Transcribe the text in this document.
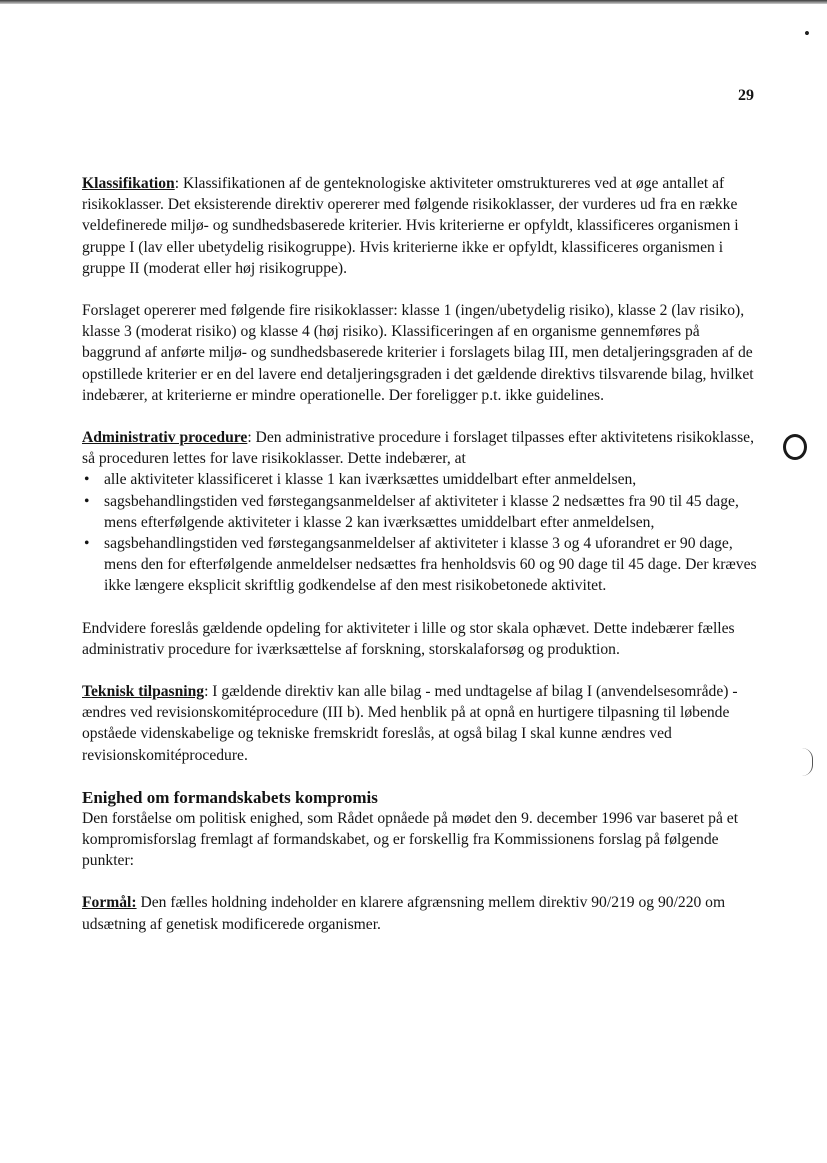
29
•

Klassifikation: Klassifikationen af de genteknologiske aktiviteter omstruktureres ved at øge antallet af risikoklasser. Det eksisterende direktiv opererer med følgende risikoklasser, der vurderes ud fra en række veldefinerede miljø- og sundhedsbaserede kriterier. Hvis kriterierne er opfyldt, klassificeres organismen i gruppe I (lav eller ubetydelig risikogruppe). Hvis kriterierne ikke er opfyldt, klassificeres organismen i gruppe II (moderat eller høj risikogruppe).

Forslaget opererer med følgende fire risikoklasser: klasse 1 (ingen/ubetydelig risiko), klasse 2 (lav risiko), klasse 3 (moderat risiko) og klasse 4 (høj risiko). Klassificeringen af en organisme gennemføres på baggrund af anførte miljø- og sundhedsbaserede kriterier i forslagets bilag III, men detaljeringsgraden af de opstillede kriterier er en del lavere end detaljeringsgraden i det gældende direktivs tilsvarende bilag, hvilket indebærer, at kriterierne er mindre operationelle. Der foreligger p.t. ikke guidelines.

Administrativ procedure: Den administrative procedure i forslaget tilpasses efter aktivitetens risikoklasse, så proceduren lettes for lave risikoklasser. Dette indebærer, at
• alle aktiviteter klassificeret i klasse 1 kan iværksættes umiddelbart efter anmeldelsen,
• sagsbehandlingstiden ved førstegangsanmeldelser af aktiviteter i klasse 2 nedsættes fra 90 til 45 dage, mens efterfølgende aktiviteter i klasse 2 kan iværksættes umiddelbart efter anmeldelsen,
• sagsbehandlingstiden ved førstegangsanmeldelser af aktiviteter i klasse 3 og 4 uforandret er 90 dage, mens den for efterfølgende anmeldelser nedsættes fra henholdsvis 60 og 90 dage til 45 dage. Der kræves ikke længere eksplicit skriftlig godkendelse af den mest risikobetonede aktivitet.

Endvidere foreslås gældende opdeling for aktiviteter i lille og stor skala ophævet. Dette indebærer fælles administrativ procedure for iværksættelse af forskning, storskalaforsøg og produktion.

Teknisk tilpasning: I gældende direktiv kan alle bilag - med undtagelse af bilag I (anvendelsesområde) - ændres ved revisionskomitéprocedure (III b). Med henblik på at opnå en hurtigere tilpasning til løbende opståede videnskabelige og tekniske fremskridt foreslås, at også bilag I skal kunne ændres ved revisionskomitéprocedure.

Enighed om formandskabets kompromis
Den forståelse om politisk enighed, som Rådet opnåede på mødet den 9. december 1996 var baseret på et kompromisforslag fremlagt af formandskabet, og er forskellig fra Kommissionens forslag på følgende punkter:

Formål: Den fælles holdning indeholder en klarere afgrænsning mellem direktiv 90/219 og 90/220 om udsætning af genetisk modificerede organismer.
